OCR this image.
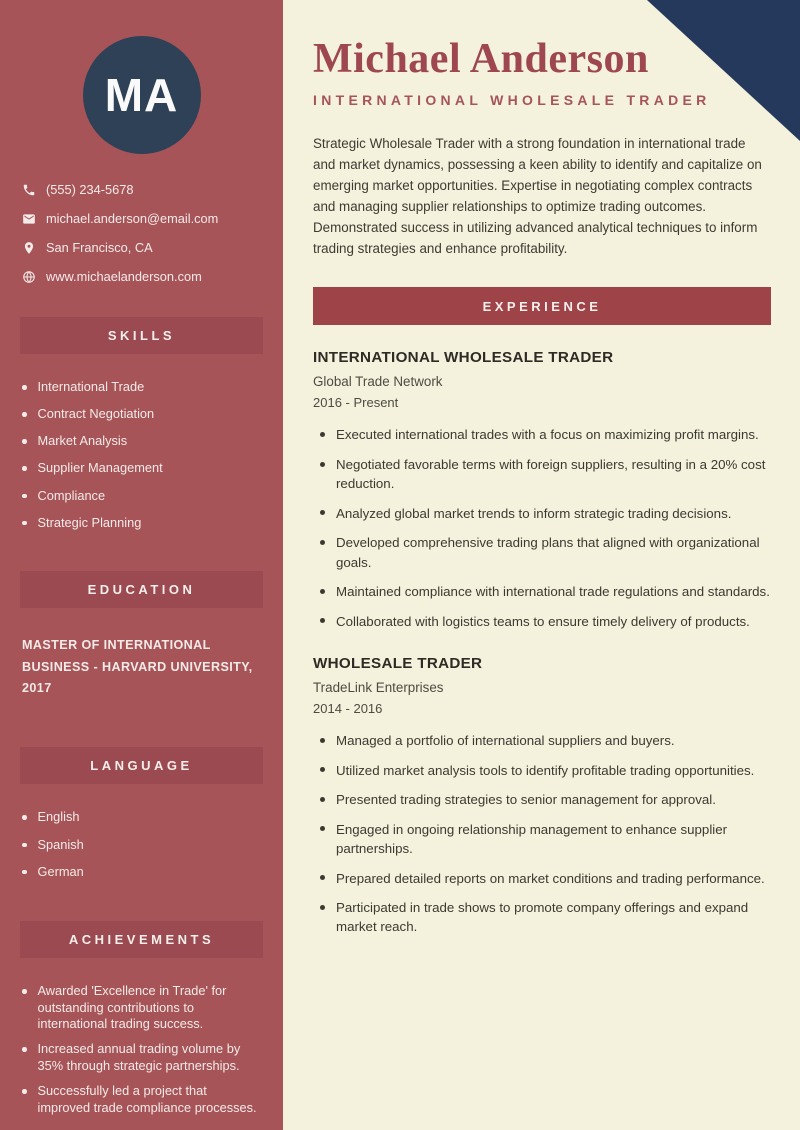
MA
(555) 234-5678
michael.anderson@email.com
San Francisco, CA
www.michaelanderson.com
SKILLS
International Trade
Contract Negotiation
Market Analysis
Supplier Management
Compliance
Strategic Planning
EDUCATION
MASTER OF INTERNATIONAL BUSINESS - HARVARD UNIVERSITY, 2017
LANGUAGE
English
Spanish
German
ACHIEVEMENTS
Awarded 'Excellence in Trade' for outstanding contributions to international trading success.
Increased annual trading volume by 35% through strategic partnerships.
Successfully led a project that improved trade compliance processes.
Michael Anderson
INTERNATIONAL WHOLESALE TRADER

Strategic Wholesale Trader with a strong foundation in international trade and market dynamics, possessing a keen ability to identify and capitalize on emerging market opportunities. Expertise in negotiating complex contracts and managing supplier relationships to optimize trading outcomes. Demonstrated success in utilizing advanced analytical techniques to inform trading strategies and enhance profitability.

EXPERIENCE
INTERNATIONAL WHOLESALE TRADER
Global Trade Network
2016 - Present
Executed international trades with a focus on maximizing profit margins.
Negotiated favorable terms with foreign suppliers, resulting in a 20% cost reduction.
Analyzed global market trends to inform strategic trading decisions.
Developed comprehensive trading plans that aligned with organizational goals.
Maintained compliance with international trade regulations and standards.
Collaborated with logistics teams to ensure timely delivery of products.
WHOLESALE TRADER
TradeLink Enterprises
2014 - 2016
Managed a portfolio of international suppliers and buyers.
Utilized market analysis tools to identify profitable trading opportunities.
Presented trading strategies to senior management for approval.
Engaged in ongoing relationship management to enhance supplier partnerships.
Prepared detailed reports on market conditions and trading performance.
Participated in trade shows to promote company offerings and expand market reach.
